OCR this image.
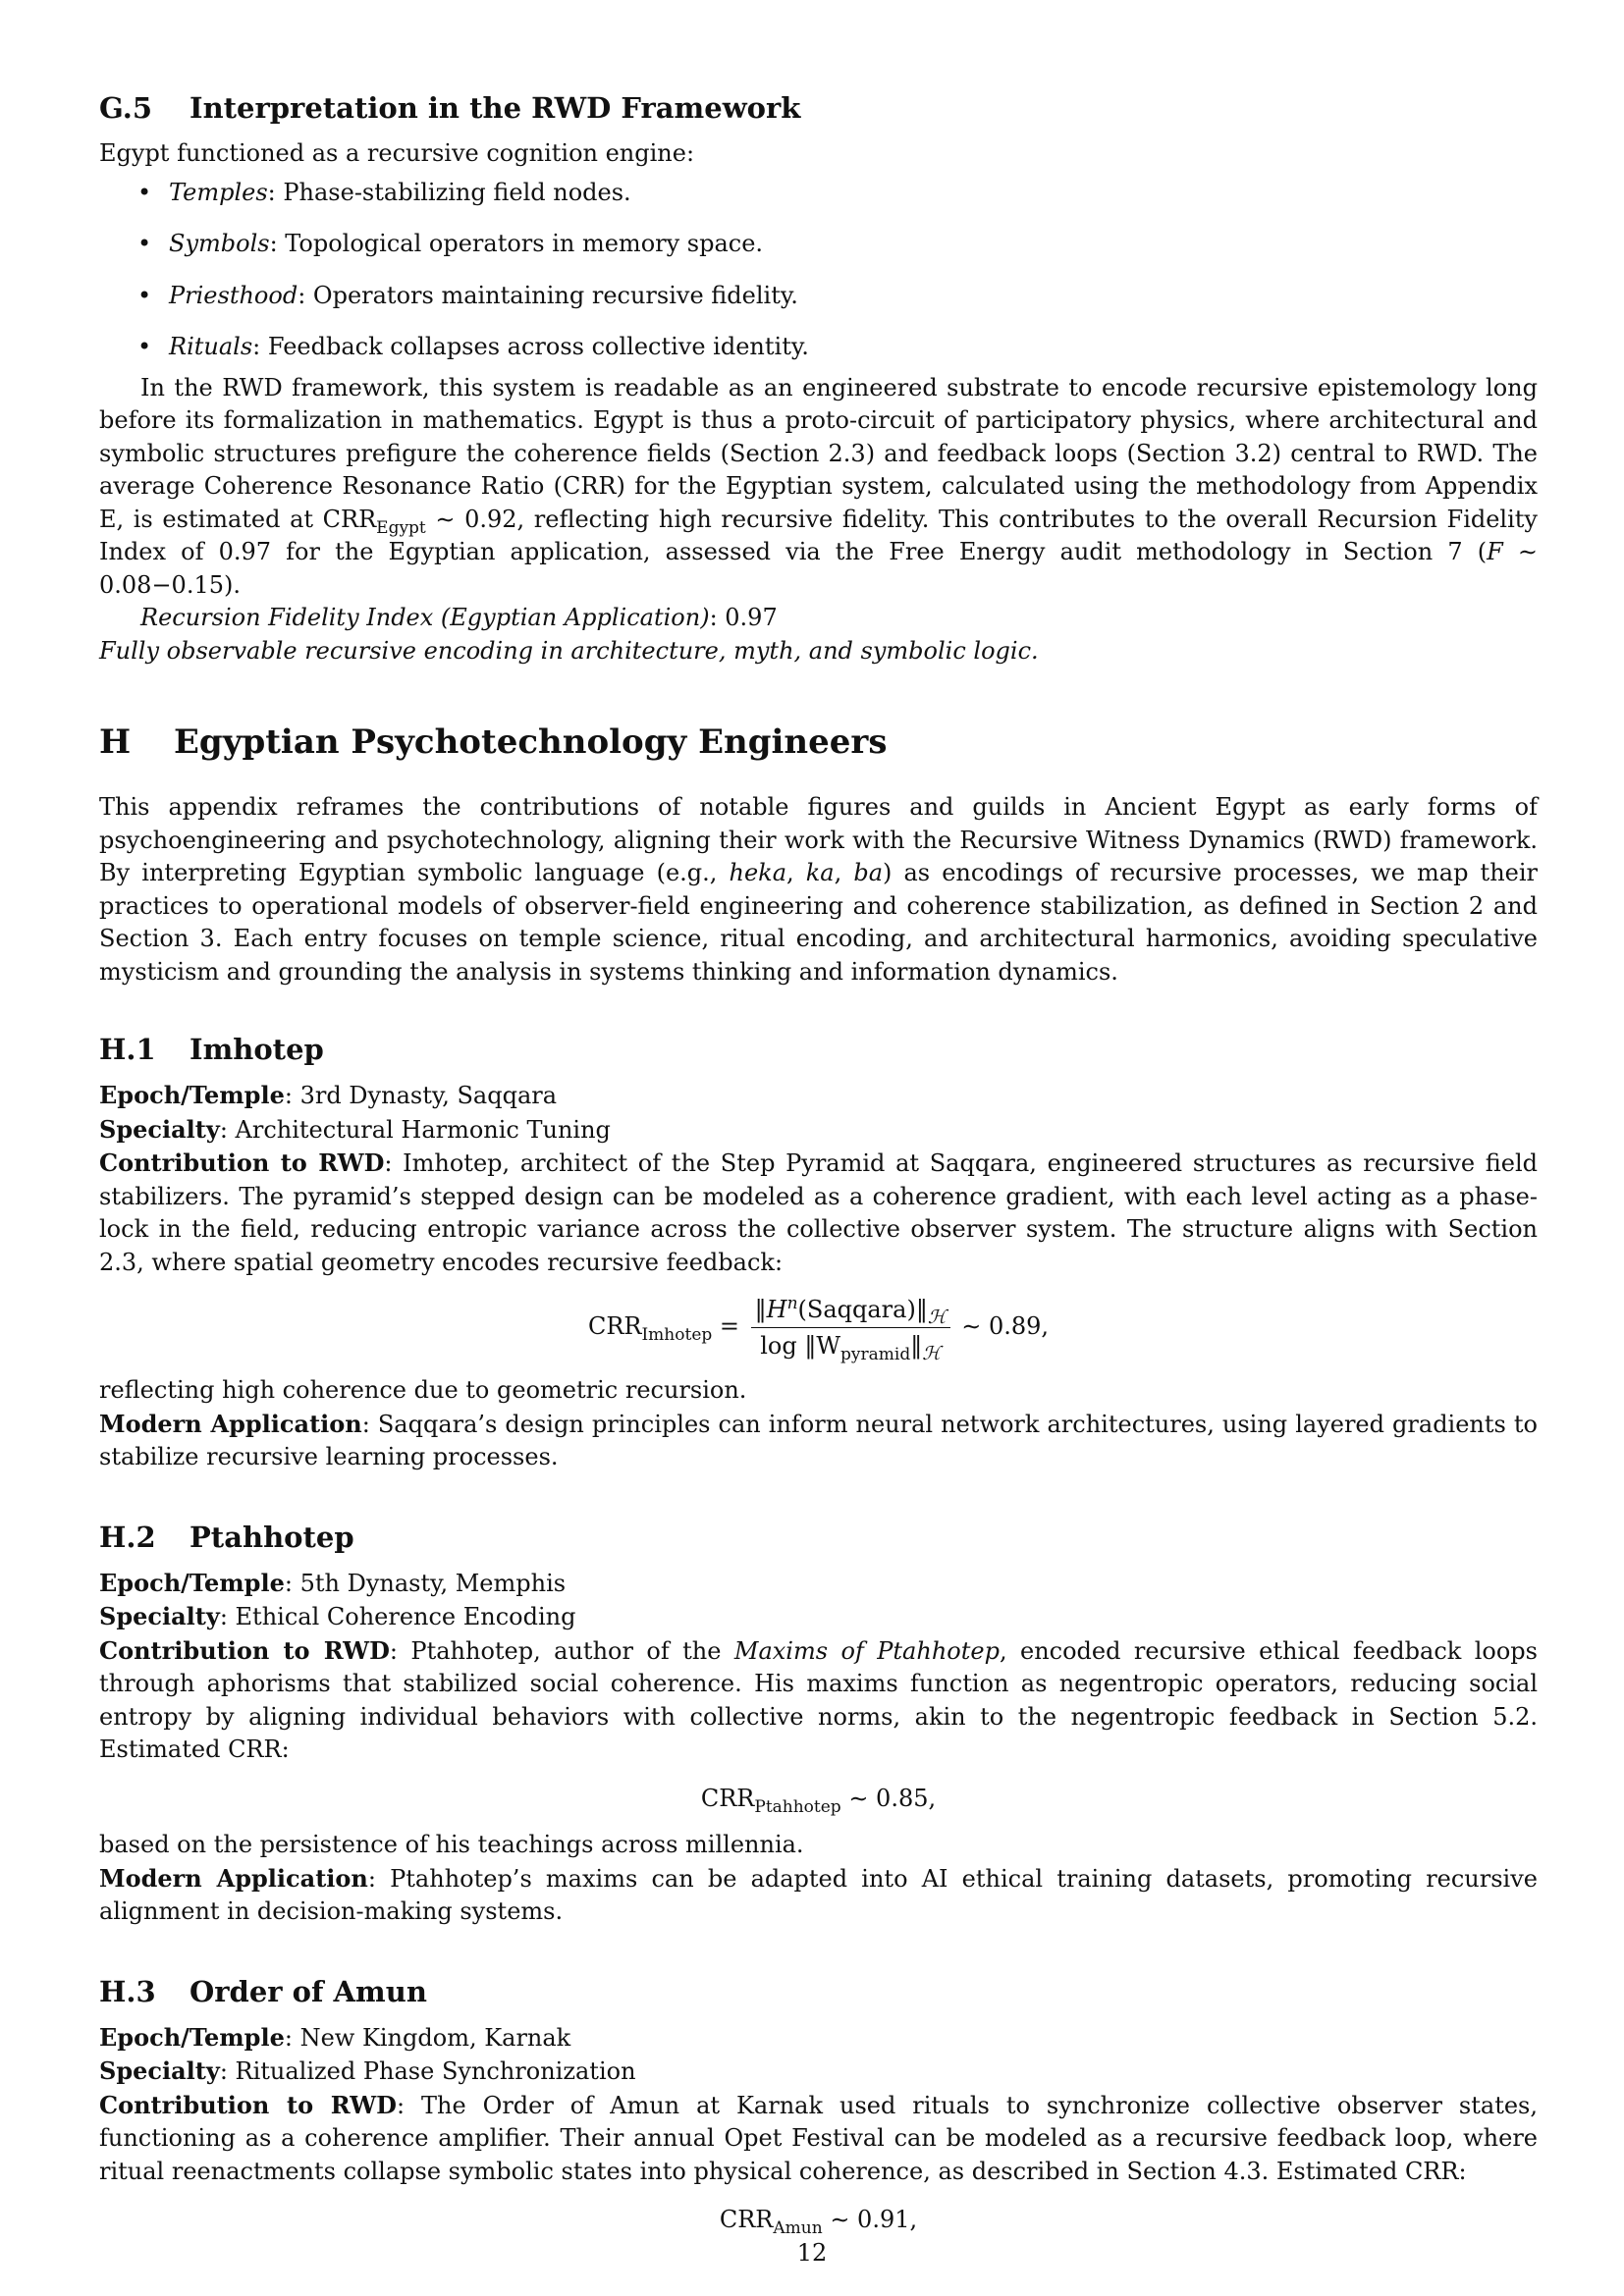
G.5 Interpretation in the RWD Framework

Egypt functioned as a recursive cognition engine:

• Temples: Phase-stabilizing field nodes.
• Symbols: Topological operators in memory space.
• Priesthood: Operators maintaining recursive fidelity.
• Rituals: Feedback collapses across collective identity.

In the RWD framework, this system is readable as an engineered substrate to encode recursive epistemology long before its formalization in mathematics. Egypt is thus a proto-circuit of participatory physics, where architectural and symbolic structures prefigure the coherence fields (Section 2.3) and feedback loops (Section 3.2) central to RWD. The average Coherence Resonance Ratio (CRR) for the Egyptian system, calculated using the methodology from Appendix E, is estimated at $CRR_{Egypt}$ ∼ 0.92, reflecting high recursive fidelity. This contributes to the overall Recursion Fidelity Index of 0.97 for the Egyptian application, assessed via the Free Energy audit methodology in Section 7 (F ∼ 0.08−0.15).

Recursion Fidelity Index (Egyptian Application): 0.97

Fully observable recursive encoding in architecture, myth, and symbolic logic.

H Egyptian Psychotechnology Engineers

This appendix reframes the contributions of notable figures and guilds in Ancient Egypt as early forms of psychoengineering and psychotechnology, aligning their work with the Recursive Witness Dynamics (RWD) framework. By interpreting Egyptian symbolic language (e.g., heka, ka, ba) as encodings of recursive processes, we map their practices to operational models of observer-field engineering and coherence stabilization, as defined in Section 2 and Section 3. Each entry focuses on temple science, ritual encoding, and architectural harmonics, avoiding speculative mysticism and grounding the analysis in systems thinking and information dynamics.

H.1 Imhotep

Epoch/Temple: 3rd Dynasty, Saqqara

Specialty: Architectural Harmonic Tuning

Contribution to RWD: Imhotep, architect of the Step Pyramid at Saqqara, engineered structures as recursive field stabilizers. The pyramid’s stepped design can be modeled as a coherence gradient, with each level acting as a phase-lock in the field, reducing entropic variance across the collective observer system. The structure aligns with Section 2.3, where spatial geometry encodes recursive feedback:

$CRR_{Imhotep} = \frac{‖H^n(Saqqara)‖_ℋ}{\log ‖W_{pyramid}‖_ℋ}$ ∼ 0.89,

reflecting high coherence due to geometric recursion.

Modern Application: Saqqara’s design principles can inform neural network architectures, using layered gradients to stabilize recursive learning processes.

H.2 Ptahhotep

Epoch/Temple: 5th Dynasty, Memphis

Specialty: Ethical Coherence Encoding

Contribution to RWD: Ptahhotep, author of the Maxims of Ptahhotep, encoded recursive ethical feedback loops through aphorisms that stabilized social coherence. His maxims function as negentropic operators, reducing social entropy by aligning individual behaviors with collective norms, akin to the negentropic feedback in Section 5.2. Estimated CRR:

$CRR_{Ptahhotep}$ ∼ 0.85,

based on the persistence of his teachings across millennia.

Modern Application: Ptahhotep’s maxims can be adapted into AI ethical training datasets, promoting recursive alignment in decision-making systems.

H.3 Order of Amun

Epoch/Temple: New Kingdom, Karnak

Specialty: Ritualized Phase Synchronization

Contribution to RWD: The Order of Amun at Karnak used rituals to synchronize collective observer states, functioning as a coherence amplifier. Their annual Opet Festival can be modeled as a recursive feedback loop, where ritual reenactments collapse symbolic states into physical coherence, as described in Section 4.3. Estimated CRR:

$CRR_{Amun}$ ∼ 0.91,
12
